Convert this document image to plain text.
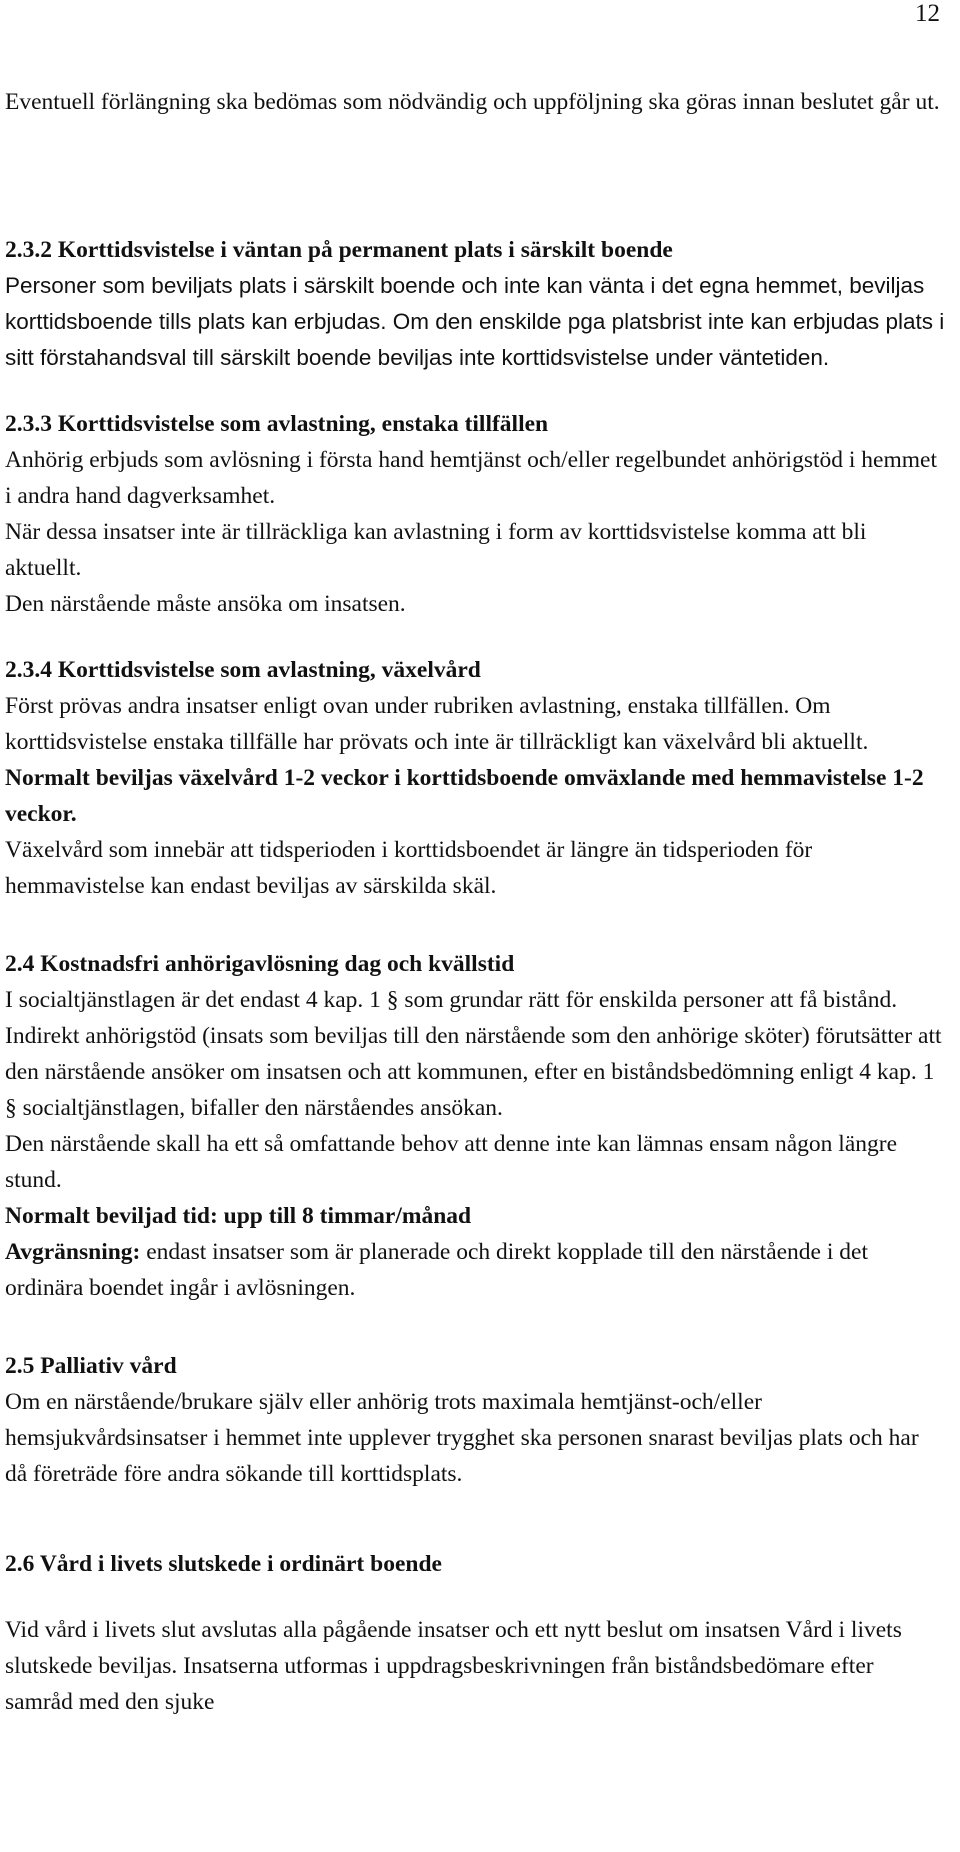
12

Eventuell förlängning ska bedömas som nödvändig och uppföljning ska göras innan beslutet går ut.

2.3.2 Korttidsvistelse i väntan på permanent plats i särskilt boende

Personer som beviljats plats i särskilt boende och inte kan vänta i det egna hemmet, beviljas korttidsboende tills plats kan erbjudas. Om den enskilde pga platsbrist inte kan erbjudas plats i sitt förstahandsval till särskilt boende beviljas inte korttidsvistelse under väntetiden.

2.3.3 Korttidsvistelse som avlastning, enstaka tillfällen

Anhörig erbjuds som avlösning i första hand hemtjänst och/eller regelbundet anhörigstöd i hemmet i andra hand dagverksamhet.

När dessa insatser inte är tillräckliga kan avlastning i form av korttidsvistelse komma att bli aktuellt.

Den närstående måste ansöka om insatsen.

2.3.4 Korttidsvistelse som avlastning, växelvård

Först prövas andra insatser enligt ovan under rubriken avlastning, enstaka tillfällen. Om korttidsvistelse enstaka tillfälle har prövats och inte är tillräckligt kan växelvård bli aktuellt.

Normalt beviljas växelvård 1-2 veckor i korttidsboende omväxlande med hemmavistelse 1-2 veckor.

Växelvård som innebär att tidsperioden i korttidsboendet är längre än tidsperioden för hemmavistelse kan endast beviljas av särskilda skäl.

2.4 Kostnadsfri anhörigavlösning dag och kvällstid

I socialtjänstlagen är det endast 4 kap. 1 § som grundar rätt för enskilda personer att få bistånd. Indirekt anhörigstöd (insats som beviljas till den närstående som den anhörige sköter) förutsätter att den närstående ansöker om insatsen och att kommunen, efter en biståndsbedömning enligt 4 kap. 1 § socialtjänstlagen, bifaller den närståendes ansökan.

Den närstående skall ha ett så omfattande behov att denne inte kan lämnas ensam någon längre stund.

Normalt beviljad tid: upp till 8 timmar/månad

Avgränsning: endast insatser som är planerade och direkt kopplade till den närstående i det ordinära boendet ingår i avlösningen.

2.5 Palliativ vård

Om en närstående/brukare själv eller anhörig trots maximala hemtjänst-och/eller hemsjukvårdsinsatser i hemmet inte upplever trygghet ska personen snarast beviljas plats och har då företräde före andra sökande till korttidsplats.

2.6 Vård i livets slutskede i ordinärt boende

Vid vård i livets slut avslutas alla pågående insatser och ett nytt beslut om insatsen Vård i livets slutskede beviljas. Insatserna utformas i uppdragsbeskrivningen från biståndsbedömare efter samråd med den sjuke
